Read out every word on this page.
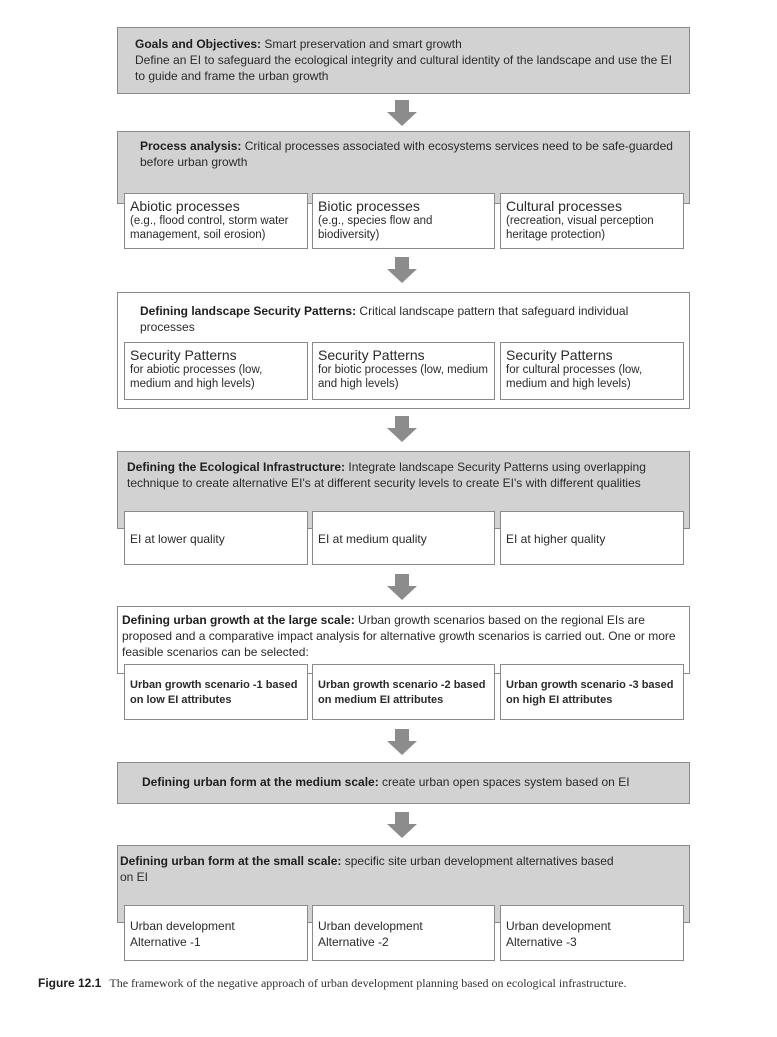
Goals and Objectives: Smart preservation and smart growth
Define an EI to safeguard the ecological integrity and cultural identity of the landscape and use the EI to guide and frame the urban growth
Process analysis: Critical processes associated with ecosystems services need to be safe-guarded before urban growth
Abiotic processes
(e.g., flood control, storm water management, soil erosion)
Biotic processes
(e.g., species flow and biodiversity)
Cultural processes
(recreation, visual perception heritage protection)
Defining landscape Security Patterns: Critical landscape pattern that safeguard individual processes
Security Patterns
for abiotic processes (low, medium and high levels)
Security Patterns
for biotic processes (low, medium and high levels)
Security Patterns
for cultural processes (low, medium and high levels)
Defining the Ecological Infrastructure: Integrate landscape Security Patterns using overlapping technique to create alternative EI's at different security levels to create EI's with different qualities
EI at lower quality	EI at medium quality	EI at higher quality
Defining urban growth at the large scale: Urban growth scenarios based on the regional EIs are proposed and a comparative impact analysis for alternative growth scenarios is carried out. One or more feasible scenarios can be selected:
Urban growth scenario -1 based on low EI attributes
Urban growth scenario -2 based on medium EI attributes
Urban growth scenario -3 based on high EI attributes
Defining urban form at the medium scale: create urban open spaces system based on EI
Defining urban form at the small scale: specific site urban development alternatives based on EI
Urban development
Alternative -1
Urban development
Alternative -2
Urban development
Alternative -3
Figure 12.1 The framework of the negative approach of urban development planning based on ecological infrastructure.
